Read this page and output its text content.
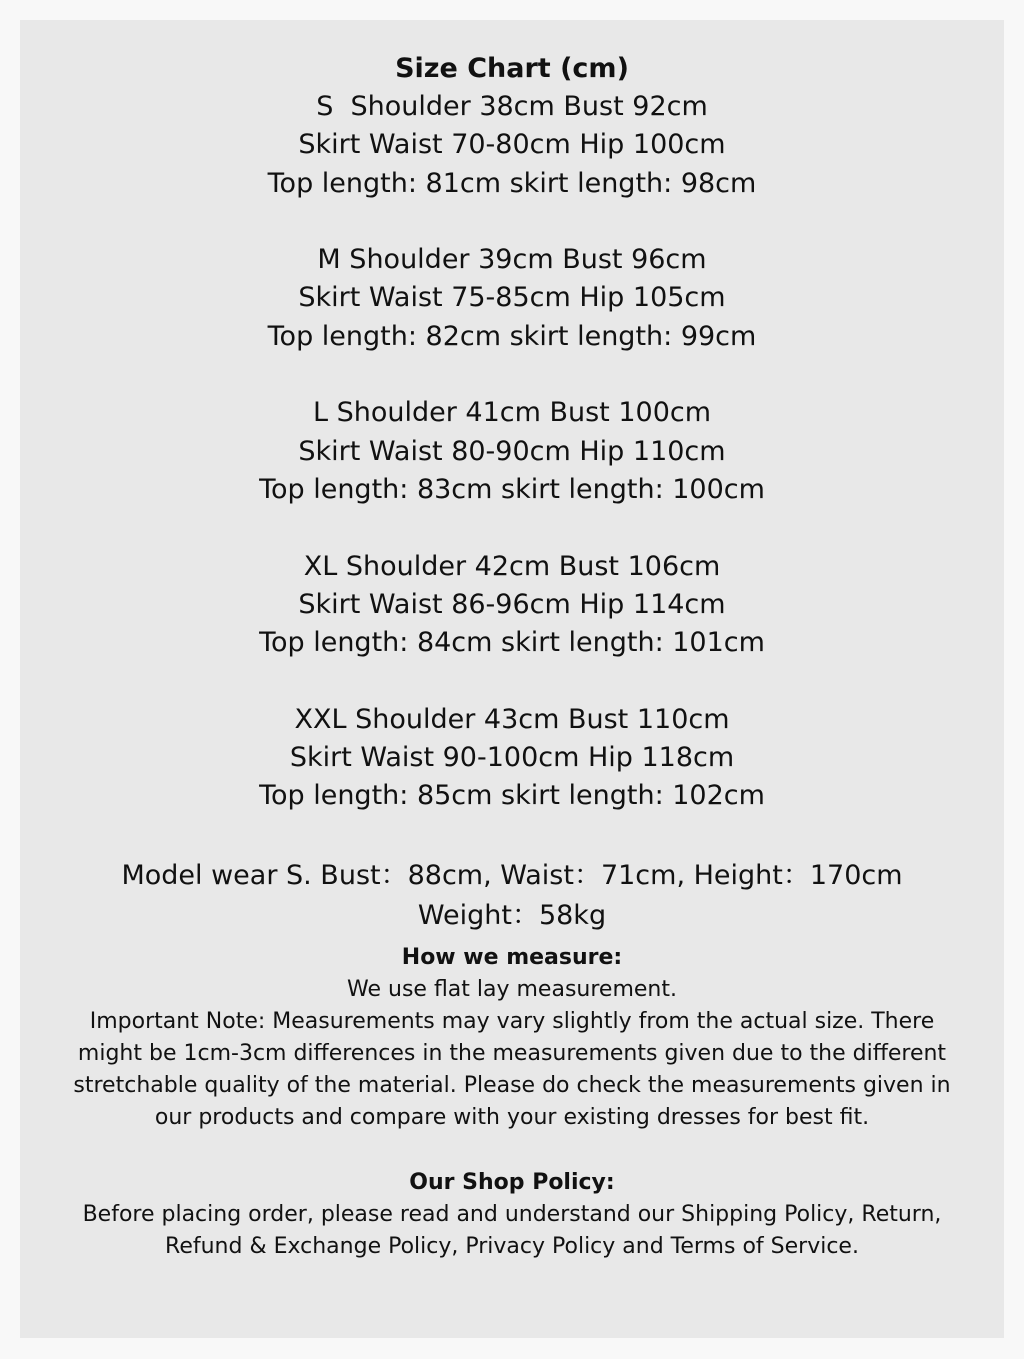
Size Chart (cm)
S  Shoulder 38cm Bust 92cm
Skirt Waist 70-80cm Hip 100cm
Top length: 81cm skirt length: 98cm
M Shoulder 39cm Bust 96cm
Skirt Waist 75-85cm Hip 105cm
Top length: 82cm skirt length: 99cm
L Shoulder 41cm Bust 100cm
Skirt Waist 80-90cm Hip 110cm
Top length: 83cm skirt length: 100cm
XL Shoulder 42cm Bust 106cm
Skirt Waist 86-96cm Hip 114cm
Top length: 84cm skirt length: 101cm
XXL Shoulder 43cm Bust 110cm
Skirt Waist 90-100cm Hip 118cm
Top length: 85cm skirt length: 102cm
Model wear S. Bust：88cm, Waist：71cm, Height：170cm
Weight：58kg
How we measure:
We use flat lay measurement.
Important Note: Measurements may vary slightly from the actual size. There might be 1cm-3cm differences in the measurements given due to the different stretchable quality of the material. Please do check the measurements given in our products and compare with your existing dresses for best fit.
Our Shop Policy:
Before placing order, please read and understand our Shipping Policy, Return, Refund & Exchange Policy, Privacy Policy and Terms of Service.
